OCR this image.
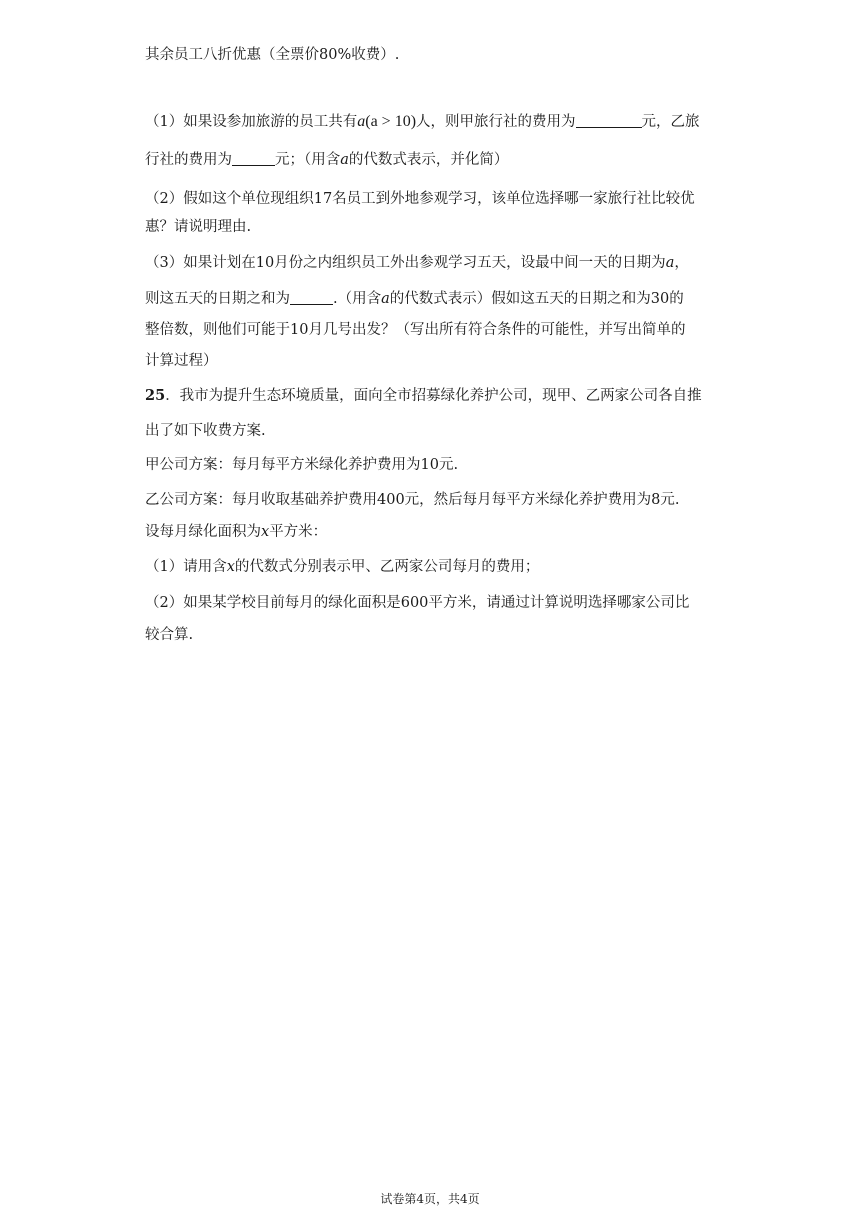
其余员工八折优惠（全票价80%收费）.
（1）如果设参加旅游的员工共有a(a > 10)人，则甲旅行社的费用为	元，乙旅
行社的费用为	元；（用含a的代数式表示，并化简）
（2）假如这个单位现组织17名员工到外地参观学习，该单位选择哪一家旅行社比较优
惠？请说明理由.
（3）如果计划在10月份之内组织员工外出参观学习五天，设最中间一天的日期为a，
则这五天的日期之和为	.（用含a的代数式表示）假如这五天的日期之和为30的
整倍数，则他们可能于10月几号出发？（写出所有符合条件的可能性，并写出简单的
计算过程）
25．我市为提升生态环境质量，面向全市招募绿化养护公司，现甲、乙两家公司各自推
出了如下收费方案.
甲公司方案：每月每平方米绿化养护费用为10元.
乙公司方案：每月收取基础养护费用400元，然后每月每平方米绿化养护费用为8元.
设每月绿化面积为x平方米：
（1）请用含x的代数式分别表示甲、乙两家公司每月的费用；
（2）如果某学校目前每月的绿化面积是600平方米，请通过计算说明选择哪家公司比
较合算.
试卷第4页，共4页
